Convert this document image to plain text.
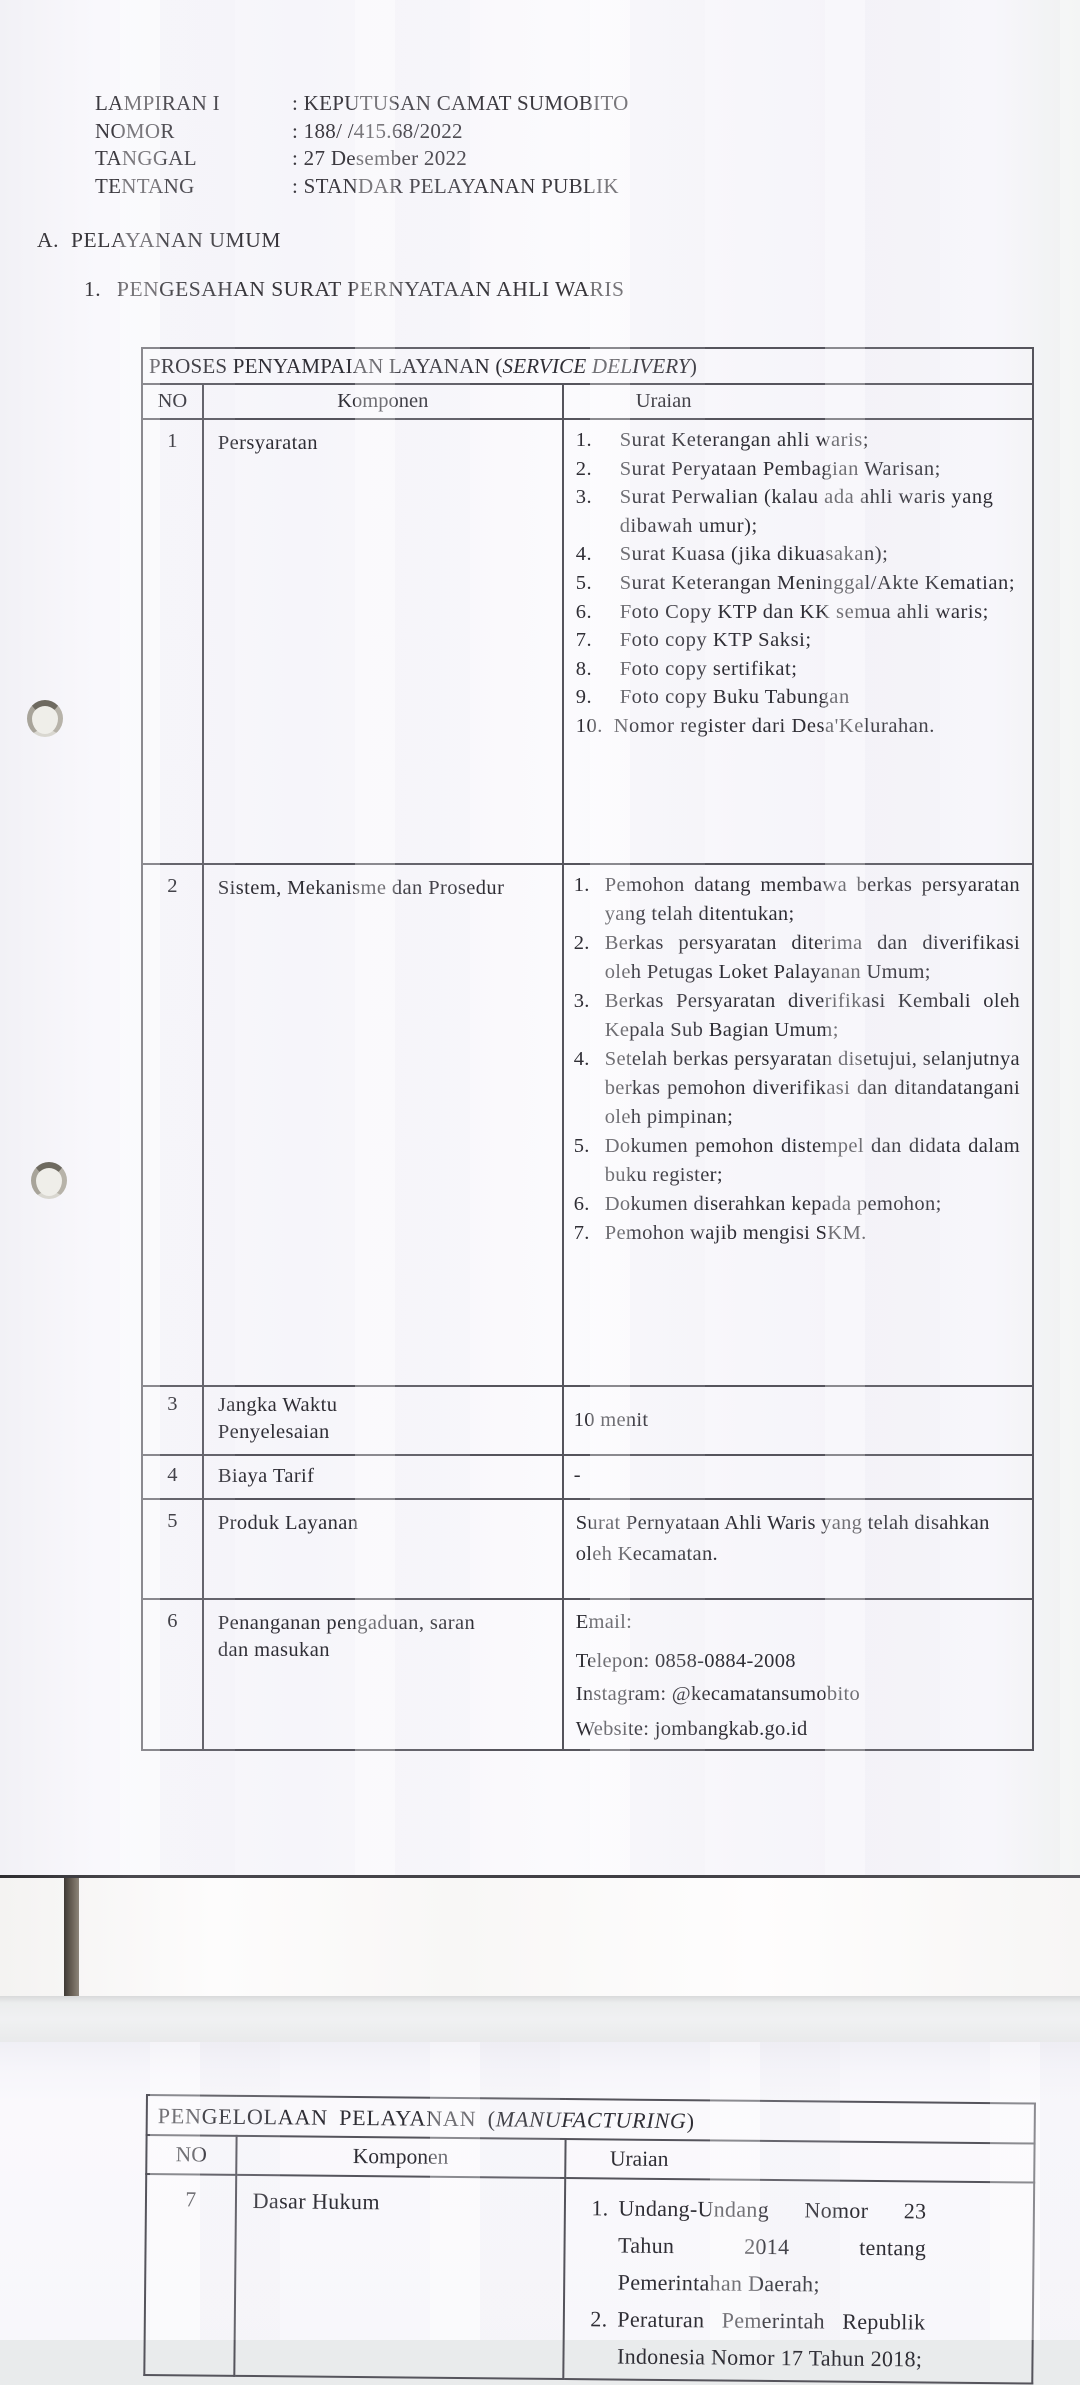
LAMPIRAN I	: KEPUTUSAN CAMAT SUMOBITO
NOMOR	: 188/ /415.68/2022
TANGGAL	: 27 Desember 2022
TENTANG	: STANDAR PELAYANAN PUBLIK
A. PELAYANAN UMUM
1. PENGESAHAN SURAT PERNYATAAN AHLI WARIS
PROSES PENYAMPAIAN LAYANAN (SERVICE DELIVERY)		
NO	Komponen	Uraian
1	Persyaratan	1.	Surat Keterangan ahli waris;
2.	Surat Peryataan Pembagian Warisan;
3.	Surat Perwalian (kalau ada ahli waris yang dibawah umur);
4.	Surat Kuasa (jika dikuasakan);
5.	Surat Keterangan Meninggal/Akte Kematian;
6.	Foto Copy KTP dan KK semua ahli waris;
7.	Foto copy KTP Saksi;
8.	Foto copy sertifikat;
9.	Foto copy Buku Tabungan
10. Nomor register dari Desa'Kelurahan.

2	Sistem, Mekanisme dan Prosedur	1. Pemohon datang membawa berkas persyaratan yang telah ditentukan;
2. Berkas persyaratan diterima dan diverifikasi oleh Petugas Loket Palayanan Umum;
3. Berkas Persyaratan diverifikasi Kembali oleh Kepala Sub Bagian Umum;
4. Setelah berkas persyaratan disetujui, selanjutnya berkas pemohon diverifikasi dan ditandatangani oleh pimpinan;
5. Dokumen pemohon distempel dan didata dalam buku register;
6. Dokumen diserahkan kepada pemohon;
7. Pemohon wajib mengisi SKM.

3	Jangka Waktu Penyelesaian	10 menit
4	Biaya Tarif	-
5	Produk Layanan	Surat Pernyataan Ahli Waris yang telah disahkan oleh Kecamatan.
6	Penanganan pengaduan, saran dan masukan	Email:
Telepon: 0858-0884-2008
Instagram: @kecamatansumobito
Website: jombangkab.go.id
PENGELOLAAN PELAYANAN (MANUFACTURING)		
NO	Komponen	Uraian
7	Dasar Hukum	1. Undang-Undang Nomor 23 Tahun 2014 tentang Pemerintahan Daerah;
2. Peraturan Pemerintah Republik Indonesia Nomor 17 Tahun 2018;
